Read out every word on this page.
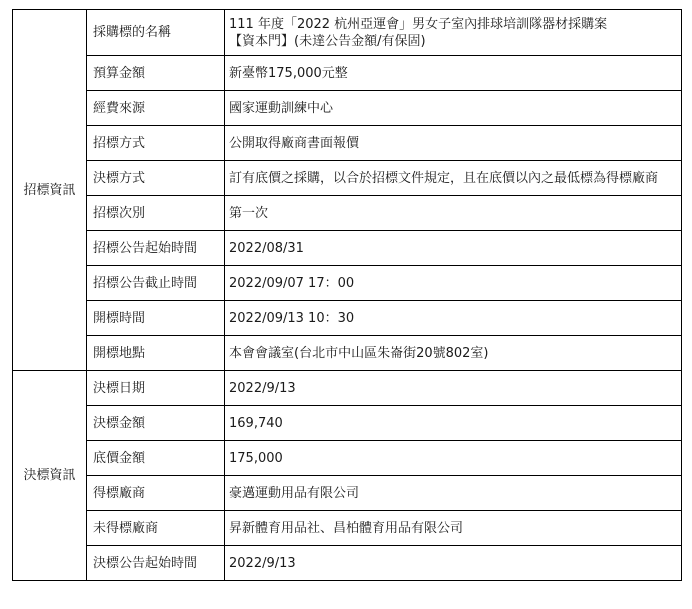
招標資訊	採購標的名稱	111 年度「2022 杭州亞運會」男女子室內排球培訓隊器材採購案
【資本門】(未達公告金額/有保固)

	預算金額	新臺幣175,000元整
	經費來源	國家運動訓練中心
	招標方式	公開取得廠商書面報價
	決標方式	訂有底價之採購，以合於招標文件規定，且在底價以內之最低標為得標廠商
	招標次別	第一次
	招標公告起始時間	2022/08/31
	招標公告截止時間	2022/09/07 17：00
	開標時間	2022/09/13 10：30
	開標地點	本會會議室(台北市中山區朱崙街20號802室)
決標資訊	決標日期	2022/9/13
	決標金額	169,740
	底價金額	175,000
	得標廠商	豪邁運動用品有限公司
	未得標廠商	昇新體育用品社、昌柏體育用品有限公司
	決標公告起始時間	2022/9/13
